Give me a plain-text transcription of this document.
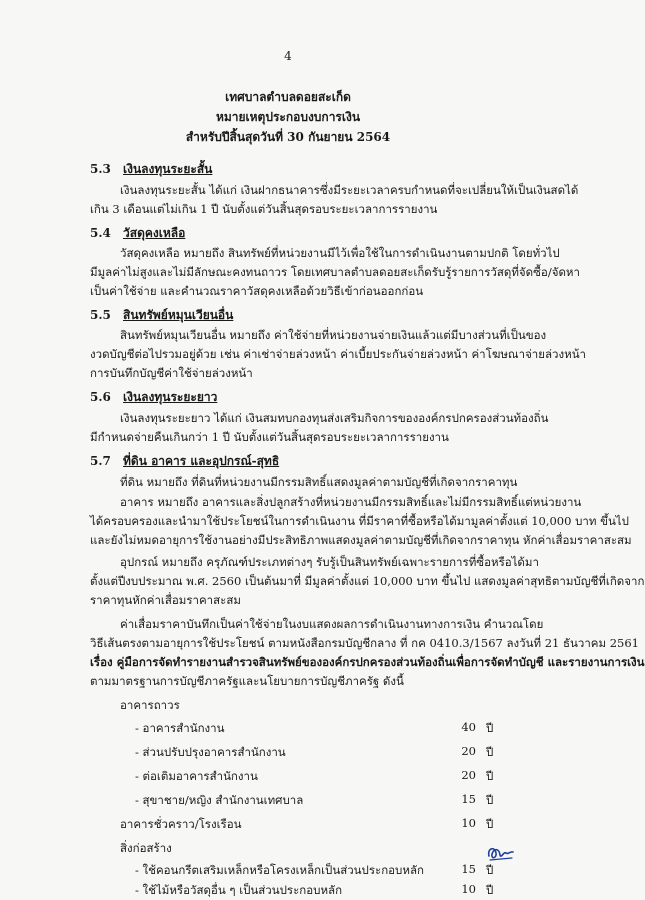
4
เทศบาลตำบลดอยสะเก็ด
หมายเหตุประกอบงบการเงิน
สำหรับปีสิ้นสุดวันที่ 30 กันยายน 2564
5.3 เงินลงทุนระยะสั้น
เงินลงทุนระยะสั้น ได้แก่ เงินฝากธนาคารซึ่งมีระยะเวลาครบกำหนดที่จะเปลี่ยนให้เป็นเงินสดได้
เกิน 3 เดือนแต่ไม่เกิน 1 ปี นับตั้งแต่วันสิ้นสุดรอบระยะเวลาการรายงาน
5.4 วัสดุคงเหลือ
วัสดุคงเหลือ หมายถึง สินทรัพย์ที่หน่วยงานมีไว้เพื่อใช้ในการดำเนินงานตามปกติ โดยทั่วไป
มีมูลค่าไม่สูงและไม่มีลักษณะคงทนถาวร โดยเทศบาลตำบลดอยสะเก็ดรับรู้รายการวัสดุที่จัดซื้อ/จัดหา
เป็นค่าใช้จ่าย และคำนวณราคาวัสดุคงเหลือด้วยวิธีเข้าก่อนออกก่อน
5.5 สินทรัพย์หมุนเวียนอื่น
สินทรัพย์หมุนเวียนอื่น หมายถึง ค่าใช้จ่ายที่หน่วยงานจ่ายเงินแล้วแต่มีบางส่วนที่เป็นของ
งวดบัญชีต่อไปรวมอยู่ด้วย เช่น ค่าเช่าจ่ายล่วงหน้า ค่าเบี้ยประกันจ่ายล่วงหน้า ค่าโฆษณาจ่ายล่วงหน้า
การบันทึกบัญชีค่าใช้จ่ายล่วงหน้า
5.6 เงินลงทุนระยะยาว
เงินลงทุนระยะยาว ได้แก่ เงินสมทบกองทุนส่งเสริมกิจการขององค์กรปกครองส่วนท้องถิ่น
มีกำหนดจ่ายคืนเกินกว่า 1 ปี นับตั้งแต่วันสิ้นสุดรอบระยะเวลาการรายงาน
5.7 ที่ดิน อาคาร และอุปกรณ์-สุทธิ
ที่ดิน หมายถึง ที่ดินที่หน่วยงานมีกรรมสิทธิ์แสดงมูลค่าตามบัญชีที่เกิดจากราคาทุน
อาคาร หมายถึง อาคารและสิ่งปลูกสร้างที่หน่วยงานมีกรรมสิทธิ์และไม่มีกรรมสิทธิ์แต่หน่วยงาน
ได้ครอบครองและนำมาใช้ประโยชน์ในการดำเนินงาน ที่มีราคาที่ซื้อหรือได้มามูลค่าตั้งแต่ 10,000 บาท ขึ้นไป
และยังไม่หมดอายุการใช้งานอย่างมีประสิทธิภาพแสดงมูลค่าตามบัญชีที่เกิดจากราคาทุน หักค่าเสื่อมราคาสะสม
อุปกรณ์ หมายถึง ครุภัณฑ์ประเภทต่างๆ รับรู้เป็นสินทรัพย์เฉพาะรายการที่ซื้อหรือได้มา
ตั้งแต่ปีงบประมาณ พ.ศ. 2560 เป็นต้นมาที่ มีมูลค่าตั้งแต่ 10,000 บาท ขึ้นไป แสดงมูลค่าสุทธิตามบัญชีที่เกิดจาก
ราคาทุนหักค่าเสื่อมราคาสะสม
ค่าเสื่อมราคาบันทึกเป็นค่าใช้จ่ายในงบแสดงผลการดำเนินงานทางการเงิน คำนวณโดย
วิธีเส้นตรงตามอายุการใช้ประโยชน์ ตามหนังสือกรมบัญชีกลาง ที่ กค 0410.3/1567 ลงวันที่ 21 ธันวาคม 2561
เรื่อง คู่มือการจัดทำรายงานสำรวจสินทรัพย์ขององค์กรปกครองส่วนท้องถิ่นเพื่อการจัดทำบัญชี และรายงานการเงิน
ตามมาตรฐานการบัญชีภาครัฐและนโยบายการบัญชีภาครัฐ ดังนี้
อาคารถาวร
- อาคารสำนักงาน	40 ปี
- ส่วนปรับปรุงอาคารสำนักงาน	20 ปี
- ต่อเติมอาคารสำนักงาน	20 ปี
- สุขาชาย/หญิง สำนักงานเทศบาล	15 ปี
อาคารชั่วคราว/โรงเรือน	10 ปี
สิ่งก่อสร้าง
- ใช้คอนกรีตเสริมเหล็กหรือโครงเหล็กเป็นส่วนประกอบหลัก	15 ปี
- ใช้ไม้หรือวัสดุอื่น ๆ เป็นส่วนประกอบหลัก	10 ปี
